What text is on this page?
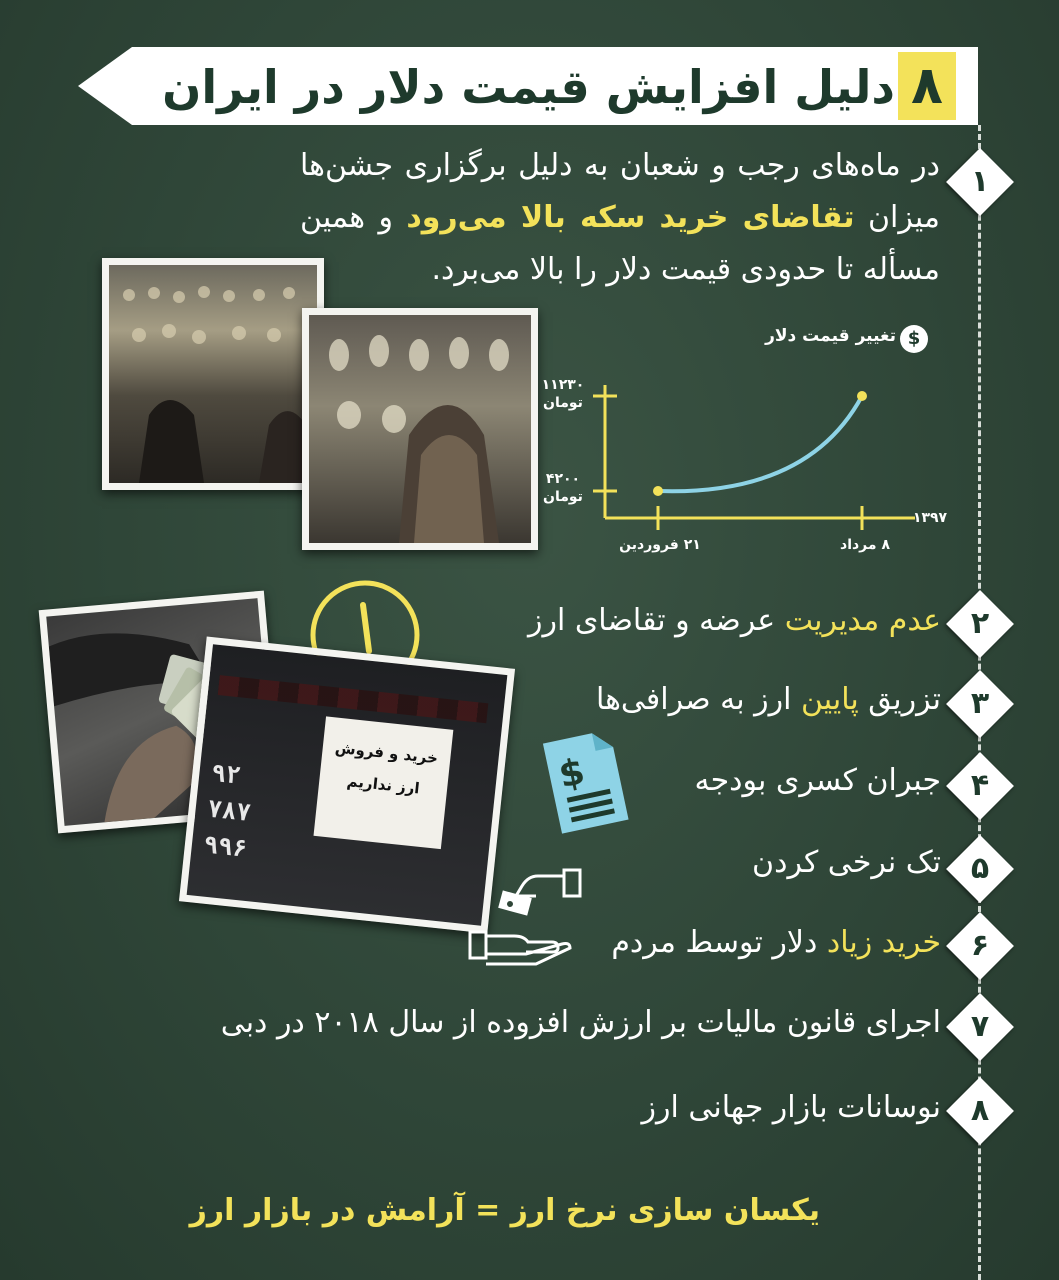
دلیل افزایش قیمت دلار در ایران ۸
۱
۲
۳
۴
۵
۶
۷
۸
در ماه‌های رجب و شعبان به دلیل برگزاری جشن‌ها میزان تقاضای خرید سکه بالا می‌رود و همین مسأله تا حدودی قیمت دلار را بالا می‌برد.
$
تغییر قیمت دلار
۱۱۲۳۰
تومان
۴۲۰۰
تومان
۲۱ فروردین	۸ مرداد
۱۳۹۷
خرید و فروش
ارز نداریم
۹۲
۷۸۷
۹۹۶
عدم مدیریت عرضه و تقاضای ارز
تزریق پایین ارز به صرافی‌ها
جبران کسری بودجه
تک نرخی کردن
خرید زیاد دلار توسط مردم
اجرای قانون مالیات بر ارزش افزوده از سال ۲۰۱۸ در دبی
نوسانات بازار جهانی ارز
$
یکسان سازی نرخ ارز = آرامش در بازار ارز
